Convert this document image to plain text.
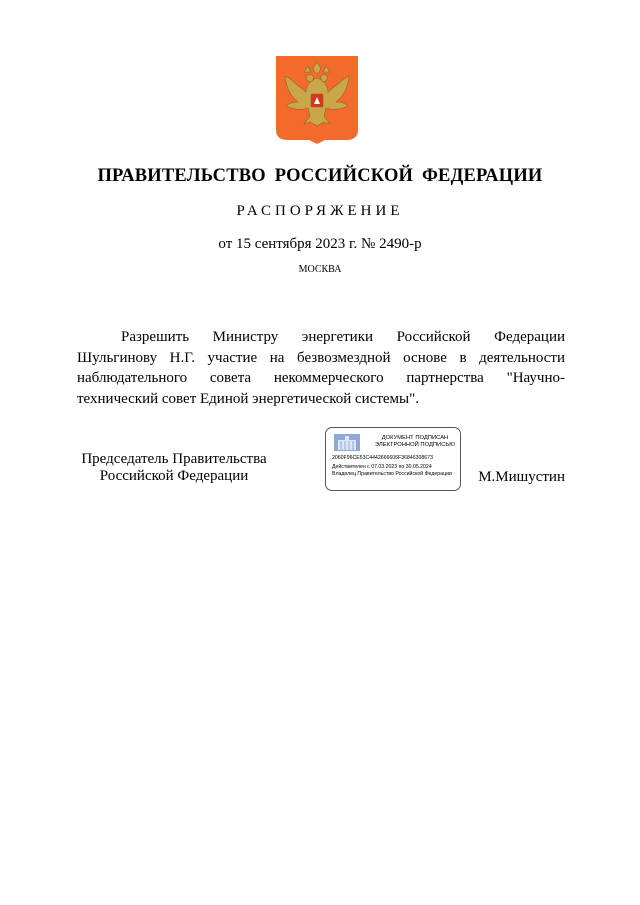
ПРАВИТЕЛЬСТВО РОССИЙСКОЙ ФЕДЕРАЦИИ
РАСПОРЯЖЕНИЕ
от 15 сентября 2023 г. № 2490-р
МОСКВА
Разрешить Министру энергетики Российской Федерации Шульгинову Н.Г. участие на безвозмездной основе в деятельности наблюдательного совета некоммерческого партнерства "Научно-технический совет Единой энергетической системы".
Председатель Правительства
Российской Федерации
ДОКУМЕНТ ПОДПИСАН
ЭЛЕКТРОННОЙ ПОДПИСЬЮ
2060F96CE53C4442666606F36846308673
Действителен с 07.03.2023 по 30.05.2024
Владелец Правительство Российской Федерации	М.Мишустин
